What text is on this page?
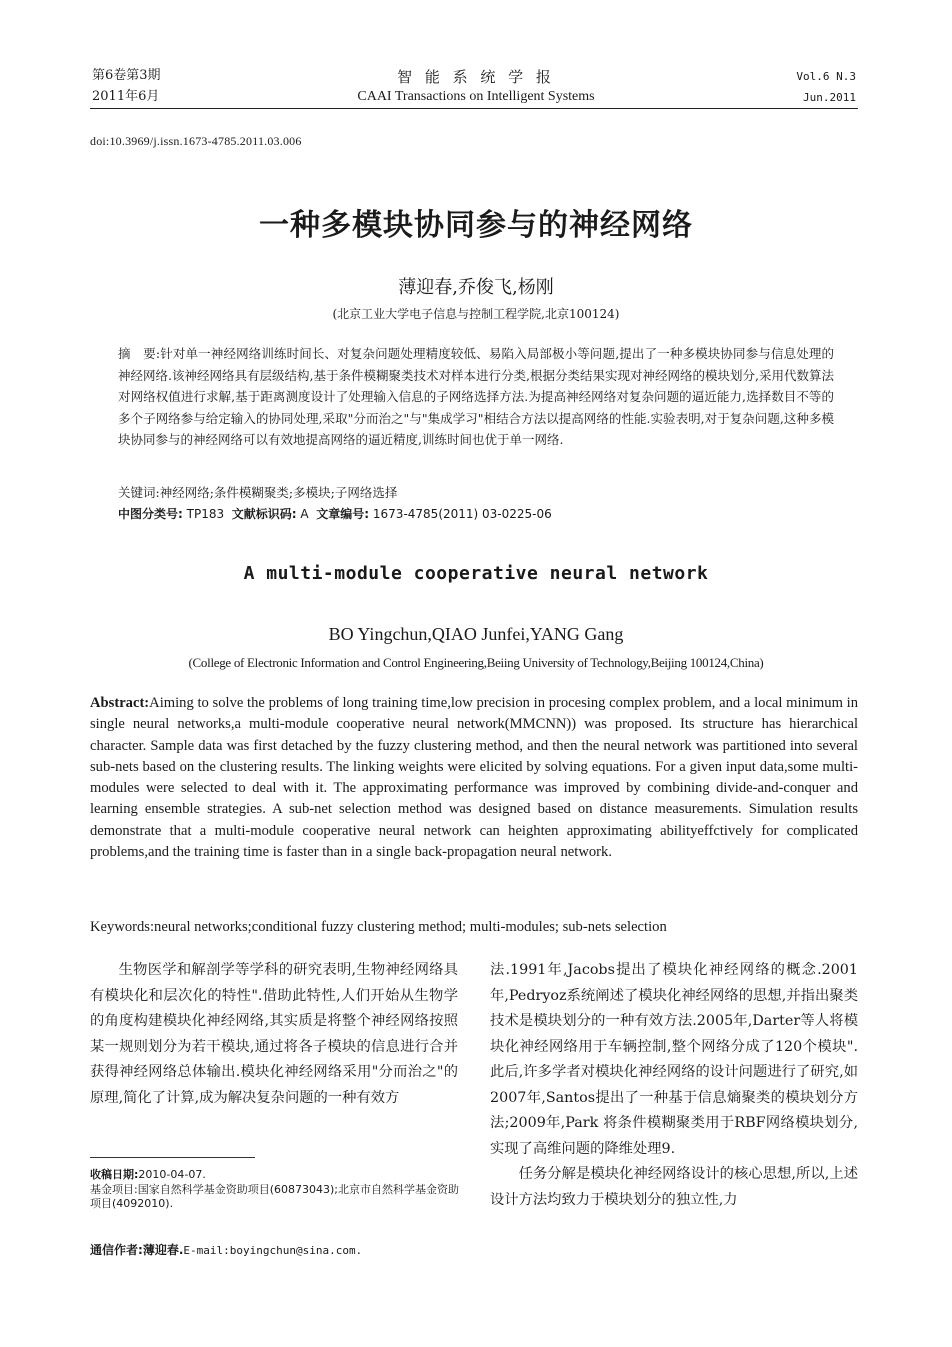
第6卷第3期
2011年6月
智 能 系 统 学 报
CAAI Transactions on Intelligent Systems
Vol.6 N.3
Jun.2011
doi:10.3969/j.issn.1673-4785.2011.03.006
一种多模块协同参与的神经网络
薄迎春,乔俊飞,杨刚
(北京工业大学电子信息与控制工程学院,北京100124)
摘　要:针对单一神经网络训练时间长、对复杂问题处理精度较低、易陷入局部极小等问题,提出了一种多模块协同参与信息处理的神经网络.该神经网络具有层级结构,基于条件模糊聚类技术对样本进行分类,根据分类结果实现对神经网络的模块划分,采用代数算法对网络权值进行求解,基于距离测度设计了处理输入信息的子网络选择方法.为提高神经网络对复杂问题的逼近能力,选择数目不等的多个子网络参与给定输入的协同处理,采取"分而治之"与"集成学习"相结合方法以提高网络的性能.实验表明,对于复杂问题,这种多模块协同参与的神经网络可以有效地提高网络的逼近精度,训练时间也优于单一网络.
关键词:神经网络;条件模糊聚类;多模块;子网络选择
中图分类号: TP183 文献标识码: A 文章编号: 1673-4785(2011) 03-0225-06
A multi-module cooperative neural network
BO Yingchun,QIAO Junfei,YANG Gang
(College of Electronic Information and Control Engineering,Beiing University of Technology,Beijing 100124,China)
Abstract:Aiming to solve the problems of long training time,low precision in procesing complex problem, and a local minimum in single neural networks,a multi-module cooperative neural network(MMCNN)) was proposed. Its structure has hierarchical character. Sample data was first detached by the fuzzy clustering method, and then the neural network was partitioned into several sub-nets based on the clustering results. The linking weights were elicited by solving equations. For a given input data,some multi-modules were selected to deal with it. The approximating performance was improved by combining divide-and-conquer and learning ensemble strategies. A sub-net selection method was designed based on distance measurements. Simulation results demonstrate that a multi-module cooperative neural network can heighten approximating abilityeffctively for complicated problems,and the training time is faster than in a single back-propagation neural network.
Keywords:neural networks;conditional fuzzy clustering method; multi-modules; sub-nets selection
生物医学和解剖学等学科的研究表明,生物神经网络具有模块化和层次化的特性".借助此特性,人们开始从生物学的角度构建模块化神经网络,其实质是将整个神经网络按照某一规则划分为若干模块,通过将各子模块的信息进行合并获得神经网络总体输出.模块化神经网络采用"分而治之"的原理,简化了计算,成为解决复杂问题的一种有效方
法.1991年,Jacobs提出了模块化神经网络的概念.2001年,Pedryoz系统阐述了模块化神经网络的思想,并指出聚类技术是模块划分的一种有效方法.2005年,Darter等人将模块化神经网络用于车辆控制,整个网络分成了120个模块".此后,许多学者对模块化神经网络的设计问题进行了研究,如2007年,Santos提出了一种基于信息熵聚类的模块划分方法;2009年,Park 将条件模糊聚类用于RBF网络模块划分,实现了高维问题的降维处理9.
任务分解是模块化神经网络设计的核心思想,所以,上述设计方法均致力于模块划分的独立性,力
收稿日期:2010-04-07.
基金项目:国家自然科学基金资助项目(60873043);北京市自然科学基金资助项目(4092010).
通信作者:薄迎春.E-mail:boyingchun@sina.com.
